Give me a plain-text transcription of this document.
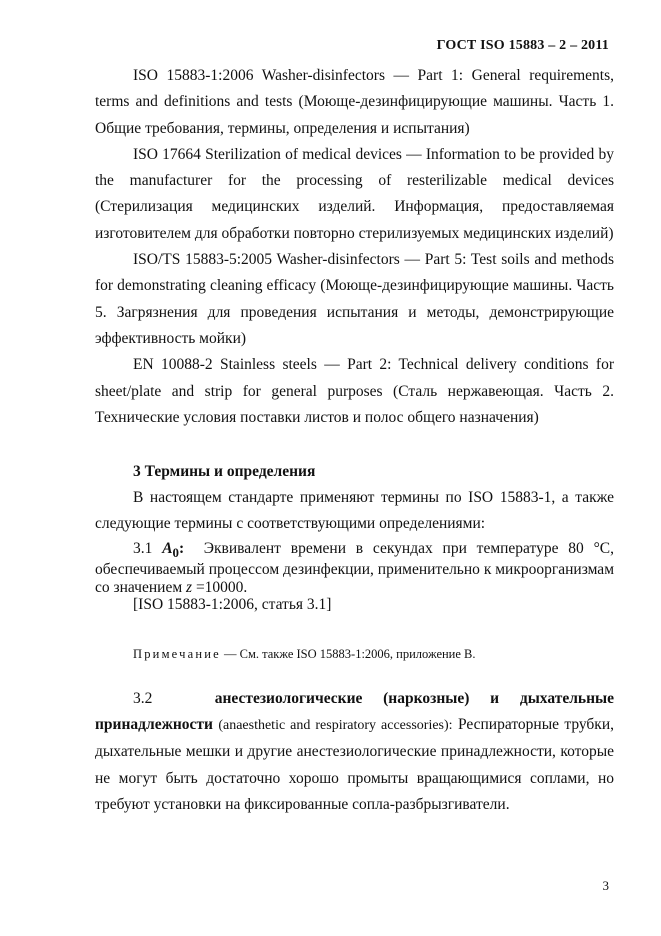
ГОСТ ISO 15883 – 2 – 2011

ISO 15883-1:2006 Washer-disinfectors — Part 1: General requirements, terms and definitions and tests (Моюще-дезинфицирующие машины. Часть 1. Общие требования, термины, определения и испытания)

ISO 17664 Sterilization of medical devices — Information to be provided by the manufacturer for the processing of resterilizable medical devices (Стерилизация медицинских изделий. Информация, предоставляемая изготовителем для обработки повторно стерилизуемых медицинских изделий)

ISO/TS 15883-5:2005 Washer-disinfectors — Part 5: Test soils and methods for demonstrating cleaning efficacy (Моюще-дезинфицирующие машины. Часть 5. Загрязнения для проведения испытания и методы, демонстрирующие эффективность мойки)

EN 10088-2 Stainless steels — Part 2: Technical delivery conditions for sheet/plate and strip for general purposes (Сталь нержавеющая. Часть 2. Технические условия поставки листов и полос общего назначения)

3 Термины и определения

В настоящем стандарте применяют термины по ISO 15883-1, а также следующие термины с соответствующими определениями:

3.1 $A_0$: Эквивалент времени в секундах при температуре 80 °С, обеспечиваемый процессом дезинфекции, применительно к микроорганизмам со значением z =10000.

[ISO 15883-1:2006, статья 3.1]

Примечание — См. также ISO 15883-1:2006, приложение В.

3.2	анестезиологические (наркозные) и дыхательные принадлежности (anaesthetic and respiratory accessories): Респираторные трубки, дыхательные мешки и другие анестезиологические принадлежности, которые не могут быть достаточно хорошо промыты вращающимися соплами, но требуют установки на фиксированные сопла-разбрызгиватели.

3
